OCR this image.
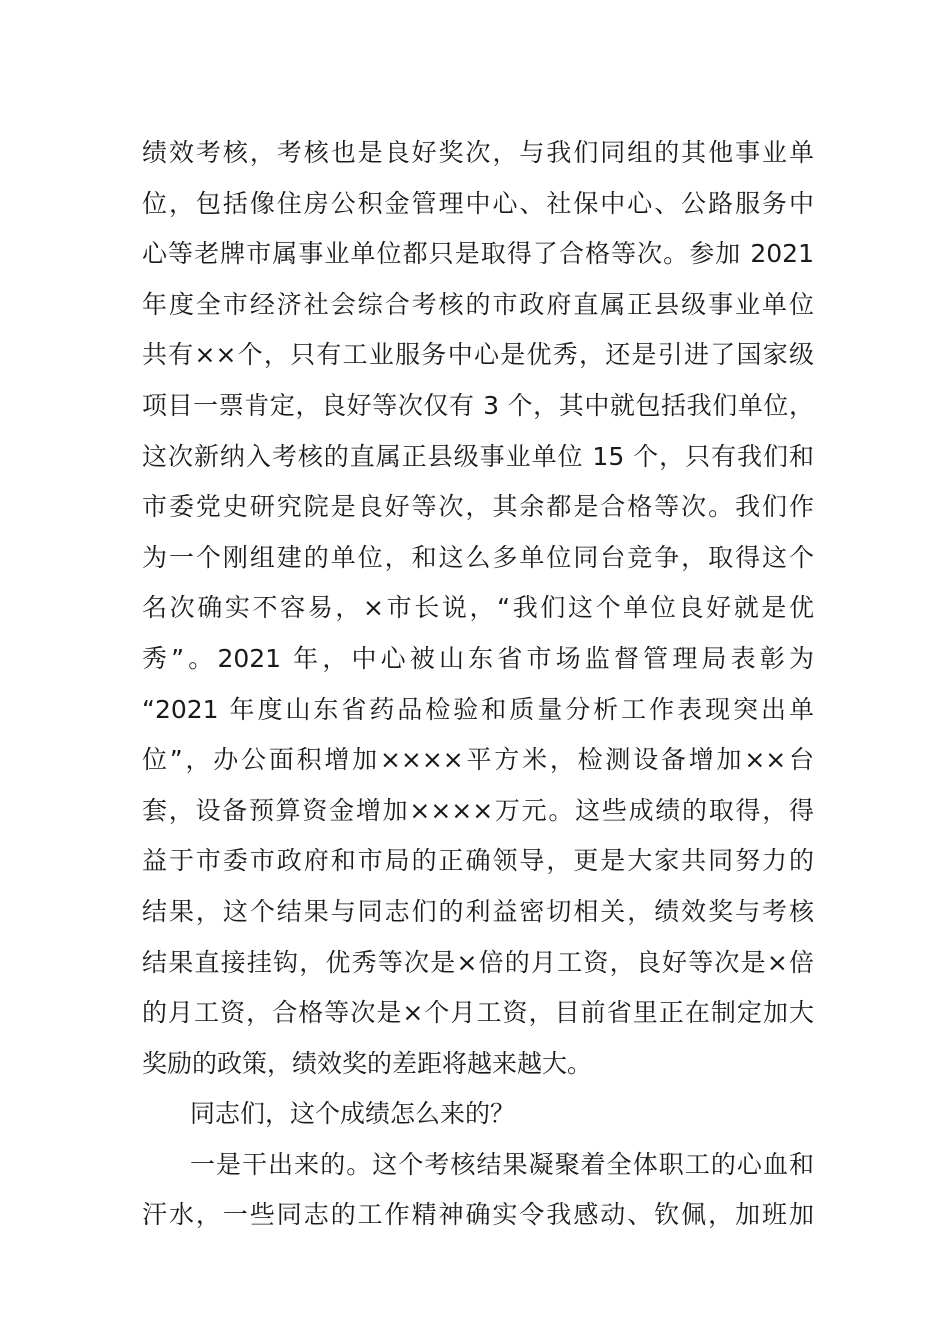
绩效考核，考核也是良好奖次，与我们同组的其他事业单
位，包括像住房公积金管理中心、社保中心、公路服务中
心等老牌市属事业单位都只是取得了合格等次。参加 2021
年度全市经济社会综合考核的市政府直属正县级事业单位
共有××个，只有工业服务中心是优秀，还是引进了国家级
项目一票肯定，良好等次仅有 3 个，其中就包括我们单位，
这次新纳入考核的直属正县级事业单位 15 个，只有我们和
市委党史研究院是良好等次，其余都是合格等次。我们作
为一个刚组建的单位，和这么多单位同台竞争，取得这个
名次确实不容易，×市长说，“我们这个单位良好就是优
秀”。2021 年，中心被山东省市场监督管理局表彰为
“2021 年度山东省药品检验和质量分析工作表现突出单
位”，办公面积增加××××平方米，检测设备增加××台
套，设备预算资金增加××××万元。这些成绩的取得，得
益于市委市政府和市局的正确领导，更是大家共同努力的
结果，这个结果与同志们的利益密切相关，绩效奖与考核
结果直接挂钩，优秀等次是×倍的月工资，良好等次是×倍
的月工资，合格等次是×个月工资，目前省里正在制定加大
奖励的政策，绩效奖的差距将越来越大。
同志们，这个成绩怎么来的？
一是干出来的。这个考核结果凝聚着全体职工的心血和
汗水，一些同志的工作精神确实令我感动、钦佩，加班加
